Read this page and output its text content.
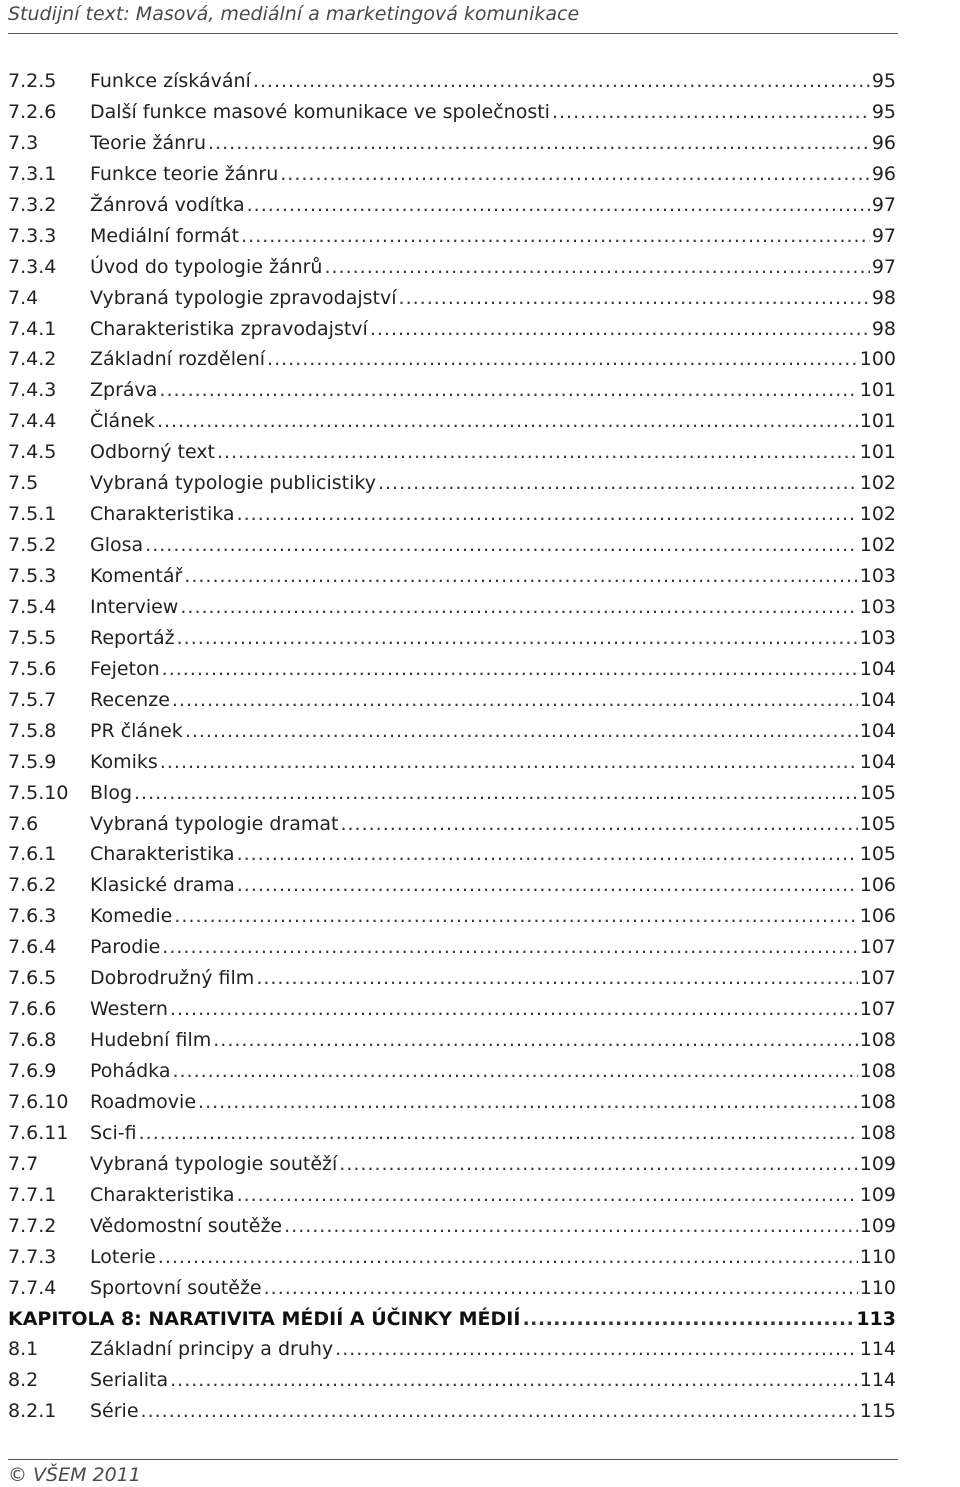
Studijní text: Masová, mediální a marketingová komunikace
7.2.5	Funkce získávání .....	95
7.2.6	Další funkce masové komunikace ve společnosti .....	95
7.3	Teorie žánru .....	96
7.3.1	Funkce teorie žánru .....	96
7.3.2	Žánrová vodítka .....	97
7.3.3	Mediální formát .....	97
7.3.4	Úvod do typologie žánrů .....	97
7.4	Vybraná typologie zpravodajství .....	98
7.4.1	Charakteristika zpravodajství .....	98
7.4.2	Základní rozdělení .....	100
7.4.3	Zpráva .....	101
7.4.4	Článek .....	101
7.4.5	Odborný text .....	101
7.5	Vybraná typologie publicistiky .....	102
7.5.1	Charakteristika .....	102
7.5.2	Glosa .....	102
7.5.3	Komentář .....	103
7.5.4	Interview .....	103
7.5.5	Reportáž .....	103
7.5.6	Fejeton .....	104
7.5.7	Recenze .....	104
7.5.8	PR článek .....	104
7.5.9	Komiks .....	104
7.5.10	Blog .....	105
7.6	Vybraná typologie dramat .....	105
7.6.1	Charakteristika .....	105
7.6.2	Klasické drama .....	106
7.6.3	Komedie .....	106
7.6.4	Parodie .....	107
7.6.5	Dobrodružný film .....	107
7.6.6	Western .....	107
7.6.8	Hudební film .....	108
7.6.9	Pohádka .....	108
7.6.10	Roadmovie .....	108
7.6.11	Sci-fi .....	108
7.7	Vybraná typologie soutěží .....	109
7.7.1	Charakteristika .....	109
7.7.2	Vědomostní soutěže .....	109
7.7.3	Loterie .....	110
7.7.4	Sportovní soutěže .....	110
KAPITOLA 8: NARATIVITA MÉDIÍ A ÚČINKY MÉDIÍ .....	113
8.1	Základní principy a druhy .....	114
8.2	Serialita .....	114
8.2.1	Série .....	115
© VŠEM 2011
